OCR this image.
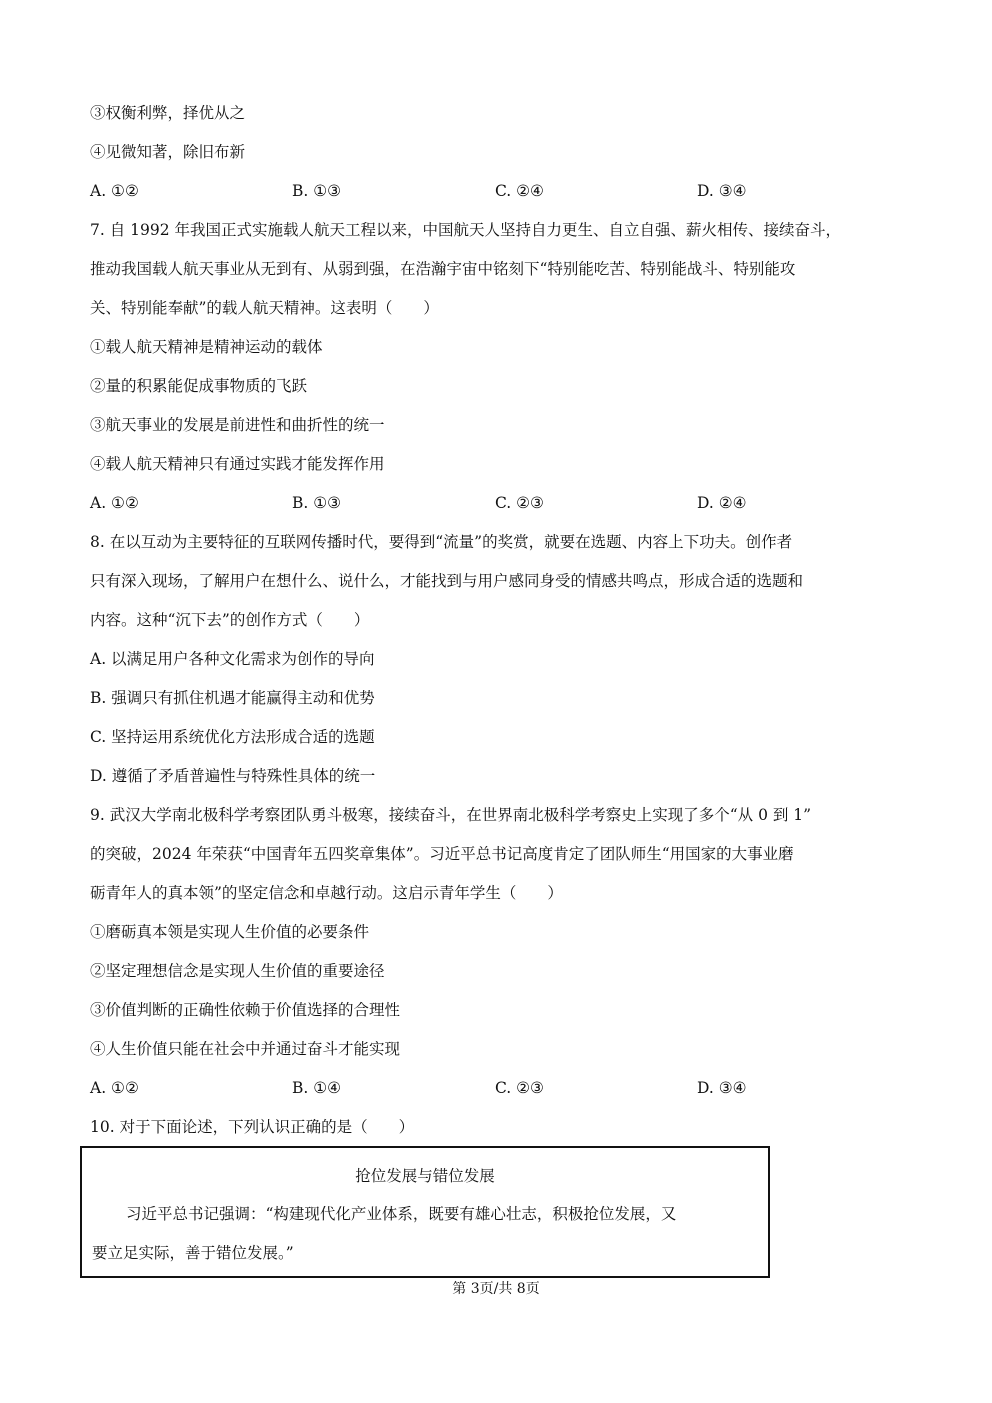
③权衡利弊，择优从之
④见微知著，除旧布新
A. ①②	B. ①③	C. ②④	D. ③④
7. 自 1992 年我国正式实施载人航天工程以来，中国航天人坚持自力更生、自立自强、薪火相传、接续奋斗，
推动我国载人航天事业从无到有、从弱到强，在浩瀚宇宙中铭刻下“特别能吃苦、特别能战斗、特别能攻
关、特别能奉献”的载人航天精神。这表明（　　）
①载人航天精神是精神运动的载体
②量的积累能促成事物质的飞跃
③航天事业的发展是前进性和曲折性的统一
④载人航天精神只有通过实践才能发挥作用
A. ①②	B. ①③	C. ②③	D. ②④
8. 在以互动为主要特征的互联网传播时代，要得到“流量”的奖赏，就要在选题、内容上下功夫。创作者
只有深入现场，了解用户在想什么、说什么，才能找到与用户感同身受的情感共鸣点，形成合适的选题和
内容。这种“沉下去”的创作方式（　　）
A. 以满足用户各种文化需求为创作的导向
B. 强调只有抓住机遇才能赢得主动和优势
C. 坚持运用系统优化方法形成合适的选题
D. 遵循了矛盾普遍性与特殊性具体的统一
9. 武汉大学南北极科学考察团队勇斗极寒，接续奋斗，在世界南北极科学考察史上实现了多个“从 0 到 1”
的突破，2024 年荣获“中国青年五四奖章集体”。习近平总书记高度肯定了团队师生“用国家的大事业磨
砺青年人的真本领”的坚定信念和卓越行动。这启示青年学生（　　）
①磨砺真本领是实现人生价值的必要条件
②坚定理想信念是实现人生价值的重要途径
③价值判断的正确性依赖于价值选择的合理性
④人生价值只能在社会中并通过奋斗才能实现
A. ①②	B. ①④	C. ②③	D. ③④
10. 对于下面论述，下列认识正确的是（　　）
抢位发展与错位发展
习近平总书记强调：“构建现代化产业体系，既要有雄心壮志，积极抢位发展，又
要立足实际，善于错位发展。”
第 3页/共 8页
